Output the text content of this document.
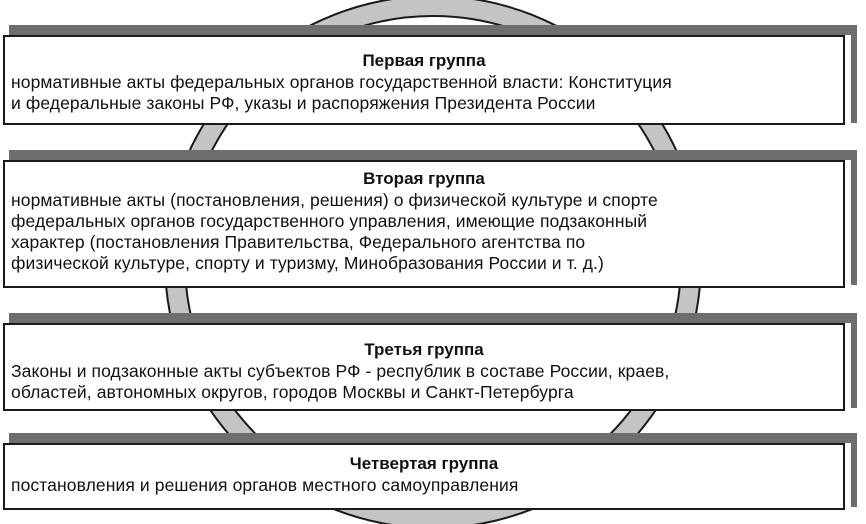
Первая группа
нормативные акты федеральных органов государственной власти: Конституция
и федеральные законы РФ, указы и распоряжения Президента России
Вторая группа
нормативные акты (постановления, решения) о физической культуре и спорте
федеральных органов государственного управления, имеющие подзаконный
характер (постановления Правительства, Федерального агентства по
физической культуре, спорту и туризму, Минобразования России и т. д.)
Третья группа
Законы и подзаконные акты субъектов РФ - республик в составе России, краев,
областей, автономных округов, городов Москвы и Санкт-Петербурга
Четвертая группа
постановления и решения органов местного самоуправления
